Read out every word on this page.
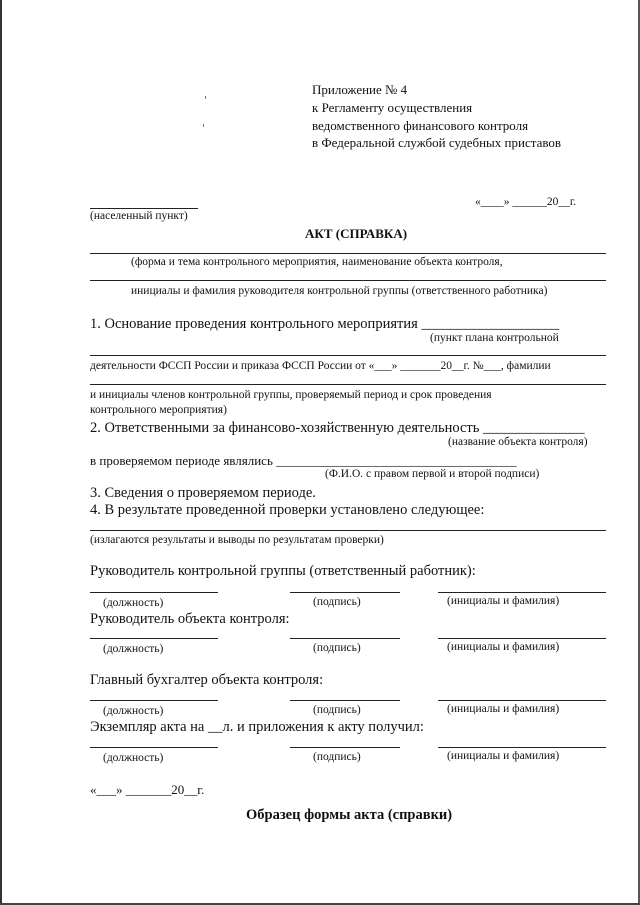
Приложение № 4
к Регламенту осуществления
ведомственного финансового контроля
в Федеральной службой судебных приставов
«____» ______20__г.
(населенный пункт)
АКТ (СПРАВКА)
(форма и тема контрольного мероприятия, наименование объекта контроля,
инициалы и фамилия руководителя контрольной группы (ответственного работника)
1. Основание проведения контрольного мероприятия ___________________
(пункт плана контрольной
деятельности ФССП России и приказа ФССП России от «___» _______20__г. №___, фамилии
и инициалы членов контрольной группы, проверяемый период и срок проведения
контрольного мероприятия)
2. Ответственными за финансово-хозяйственную деятельность ______________
(название объекта контроля)
в проверяемом периоде являлись _____________________________________
(Ф.И.О. с правом первой и второй подписи)
3. Сведения о проверяемом периоде.
4. В результате проведенной проверки установлено следующее:
(излагаются результаты и выводы по результатам проверки)
Руководитель контрольной группы (ответственный работник):
(должность)	(подпись)	(инициалы и фамилия)
Руководитель объекта контроля:
(должность)	(подпись)	(инициалы и фамилия)
Главный бухгалтер объекта контроля:
(должность)	(подпись)	(инициалы и фамилия)
Экземпляр акта на __л. и приложения к акту получил:
(должность)	(подпись)	(инициалы и фамилия)
«___» _______20__г.
Образец формы акта (справки)
